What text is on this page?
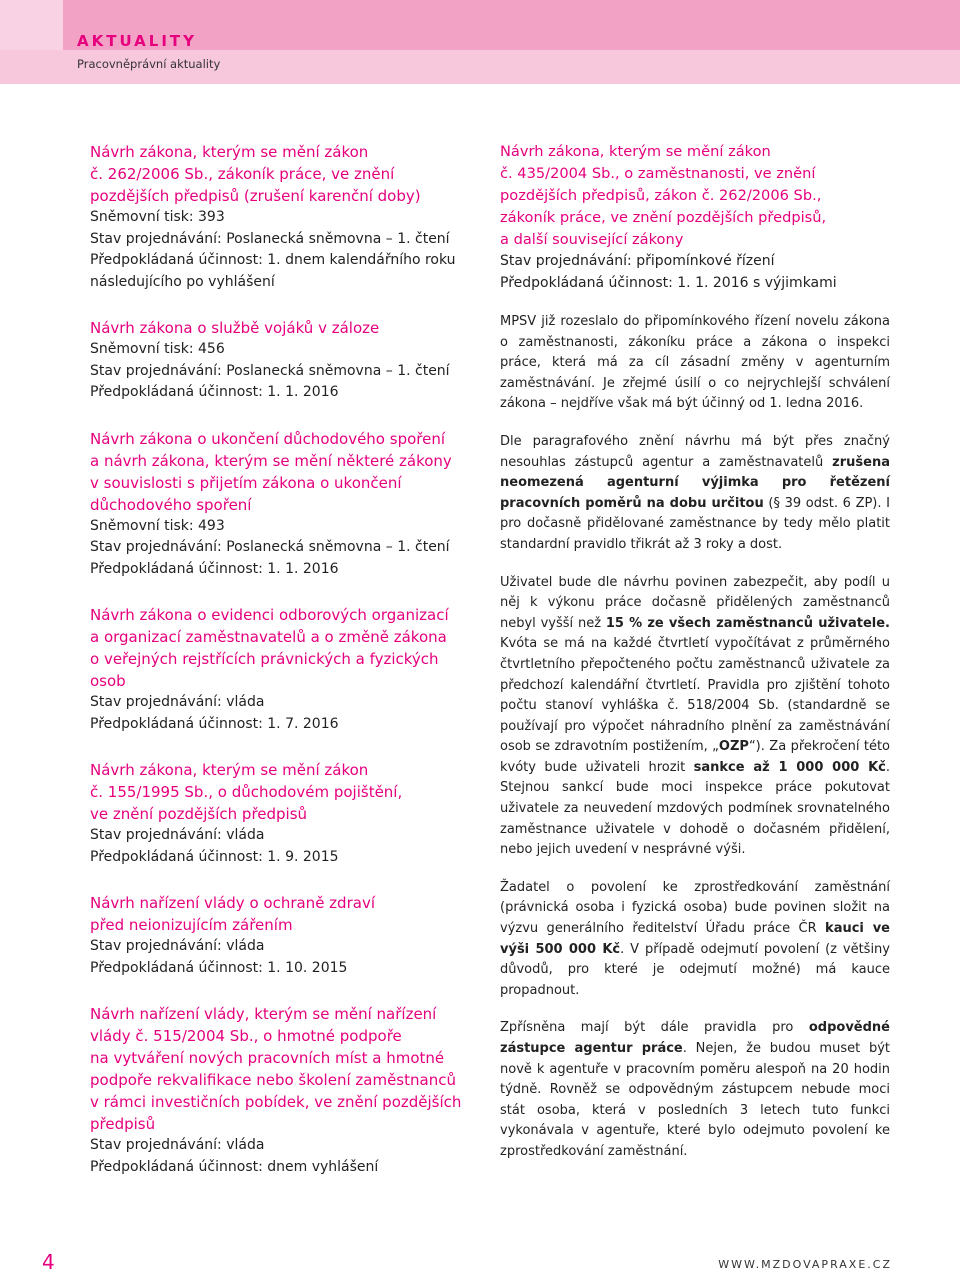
AKTUALITY
Pracovněprávní aktuality
Návrh zákona, kterým se mění zákon
č. 262/2006 Sb., zákoník práce, ve znění
pozdějších předpisů (zrušení karenční doby)
Sněmovní tisk: 393
Stav projednávání: Poslanecká sněmovna – 1. čtení
Předpokládaná účinnost: 1. dnem kalendářního roku
následujícího po vyhlášení
Návrh zákona o službě vojáků v záloze
Sněmovní tisk: 456
Stav projednávání: Poslanecká sněmovna – 1. čtení
Předpokládaná účinnost: 1. 1. 2016
Návrh zákona o ukončení důchodového spoření
a návrh zákona, kterým se mění některé zákony
v souvislosti s přijetím zákona o ukončení
důchodového spoření
Sněmovní tisk: 493
Stav projednávání: Poslanecká sněmovna – 1. čtení
Předpokládaná účinnost: 1. 1. 2016
Návrh zákona o evidenci odborových organizací
a organizací zaměstnavatelů a o změně zákona
o veřejných rejstřících právnických a fyzických
osob
Stav projednávání: vláda
Předpokládaná účinnost: 1. 7. 2016
Návrh zákona, kterým se mění zákon
č. 155/1995 Sb., o důchodovém pojištění,
ve znění pozdějších předpisů
Stav projednávání: vláda
Předpokládaná účinnost: 1. 9. 2015
Návrh nařízení vlády o ochraně zdraví
před neionizujícím zářením
Stav projednávání: vláda
Předpokládaná účinnost: 1. 10. 2015
Návrh nařízení vlády, kterým se mění nařízení
vlády č. 515/2004 Sb., o hmotné podpoře
na vytváření nových pracovních míst a hmotné
podpoře rekvalifikace nebo školení zaměstnanců
v rámci investičních pobídek, ve znění pozdějších
předpisů
Stav projednávání: vláda
Předpokládaná účinnost: dnem vyhlášení
Návrh zákona, kterým se mění zákon
č. 435/2004 Sb., o zaměstnanosti, ve znění
pozdějších předpisů, zákon č. 262/2006 Sb.,
zákoník práce, ve znění pozdějších předpisů,
a další související zákony
Stav projednávání: připomínkové řízení
Předpokládaná účinnost: 1. 1. 2016 s výjimkami

MPSV již rozeslalo do připomínkového řízení novelu zákona o zaměstnanosti, zákoníku práce a zákona o inspekci práce, která má za cíl zásadní změny v agenturním zaměstnávání. Je zřejmé úsilí o co nejrychlejší schválení zákona – nejdříve však má být účinný od 1. ledna 2016.

Dle paragrafového znění návrhu má být přes značný nesouhlas zástupců agentur a zaměstnavatelů zrušena neomezená agenturní výjimka pro řetězení pracovních poměrů na dobu určitou (§ 39 odst. 6 ZP). I pro dočasně přidělované zaměstnance by tedy mělo platit standardní pravidlo třikrát až 3 roky a dost.

Uživatel bude dle návrhu povinen zabezpečit, aby podíl u něj k výkonu práce dočasně přidělených zaměstnanců nebyl vyšší než 15 % ze všech zaměstnanců uživatele. Kvóta se má na každé čtvrtletí vypočítávat z průměrného čtvrtletního přepočteného počtu zaměstnanců uživatele za předchozí kalendářní čtvrtletí. Pravidla pro zjištění tohoto počtu stanoví vyhláška č. 518/2004 Sb. (standardně se používají pro výpočet náhradního plnění za zaměstnávání osob se zdravotním postižením, „OZP“). Za překročení této kvóty bude uživateli hrozit sankce až 1 000 000 Kč. Stejnou sankcí bude moci inspekce práce pokutovat uživatele za neuvedení mzdových podmínek srovnatelného zaměstnance uživatele v dohodě o dočasném přidělení, nebo jejich uvedení v nesprávné výši.

Žadatel o povolení ke zprostředkování zaměstnání (právnická osoba i fyzická osoba) bude povinen složit na výzvu generálního ředitelství Úřadu práce ČR kauci ve výši 500 000 Kč. V případě odejmutí povolení (z většiny důvodů, pro které je odejmutí možné) má kauce propadnout.

Zpřísněna mají být dále pravidla pro odpovědné zástupce agentur práce. Nejen, že budou muset být nově k agentuře v pracovním poměru alespoň na 20 hodin týdně. Rovněž se odpovědným zástupcem nebude moci stát osoba, která v posledních 3 letech tuto funkci vykonávala v agentuře, které bylo odejmuto povolení ke zprostředkování zaměstnání.

4	WWW.MZDOVAPRAXE.CZ
